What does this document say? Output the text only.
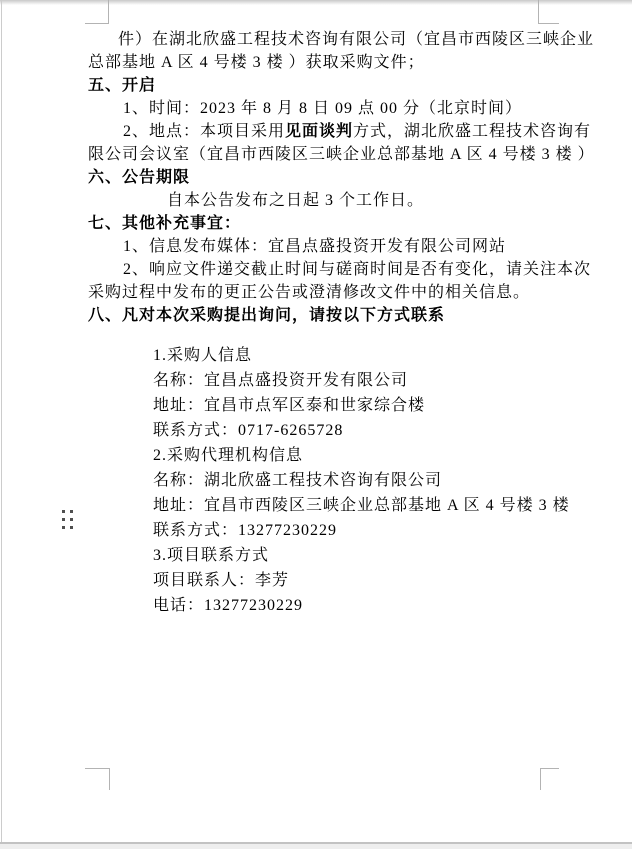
件）在湖北欣盛工程技术咨询有限公司（宜昌市西陵区三峡企业

总部基地 A 区 4 号楼 3 楼 ）获取采购文件；

五、开启

1、时间：2023 年 8 月 8 日 09 点 00 分（北京时间）

2、地点：本项目采用见面谈判方式，湖北欣盛工程技术咨询有

限公司会议室（宜昌市西陵区三峡企业总部基地 A 区 4 号楼 3 楼 ）

六、公告期限

自本公告发布之日起 3 个工作日。

七、其他补充事宜：

1、信息发布媒体：宜昌点盛投资开发有限公司网站

2、响应文件递交截止时间与磋商时间是否有变化，请关注本次

采购过程中发布的更正公告或澄清修改文件中的相关信息。

八、凡对本次采购提出询问，请按以下方式联系

1.采购人信息

名称：宜昌点盛投资开发有限公司

地址：宜昌市点军区泰和世家综合楼

联系方式：0717-6265728

2.采购代理机构信息

名称：湖北欣盛工程技术咨询有限公司

地址：宜昌市西陵区三峡企业总部基地 A 区 4 号楼 3 楼

联系方式：13277230229

3.项目联系方式

项目联系人：李芳

电话：13277230229
